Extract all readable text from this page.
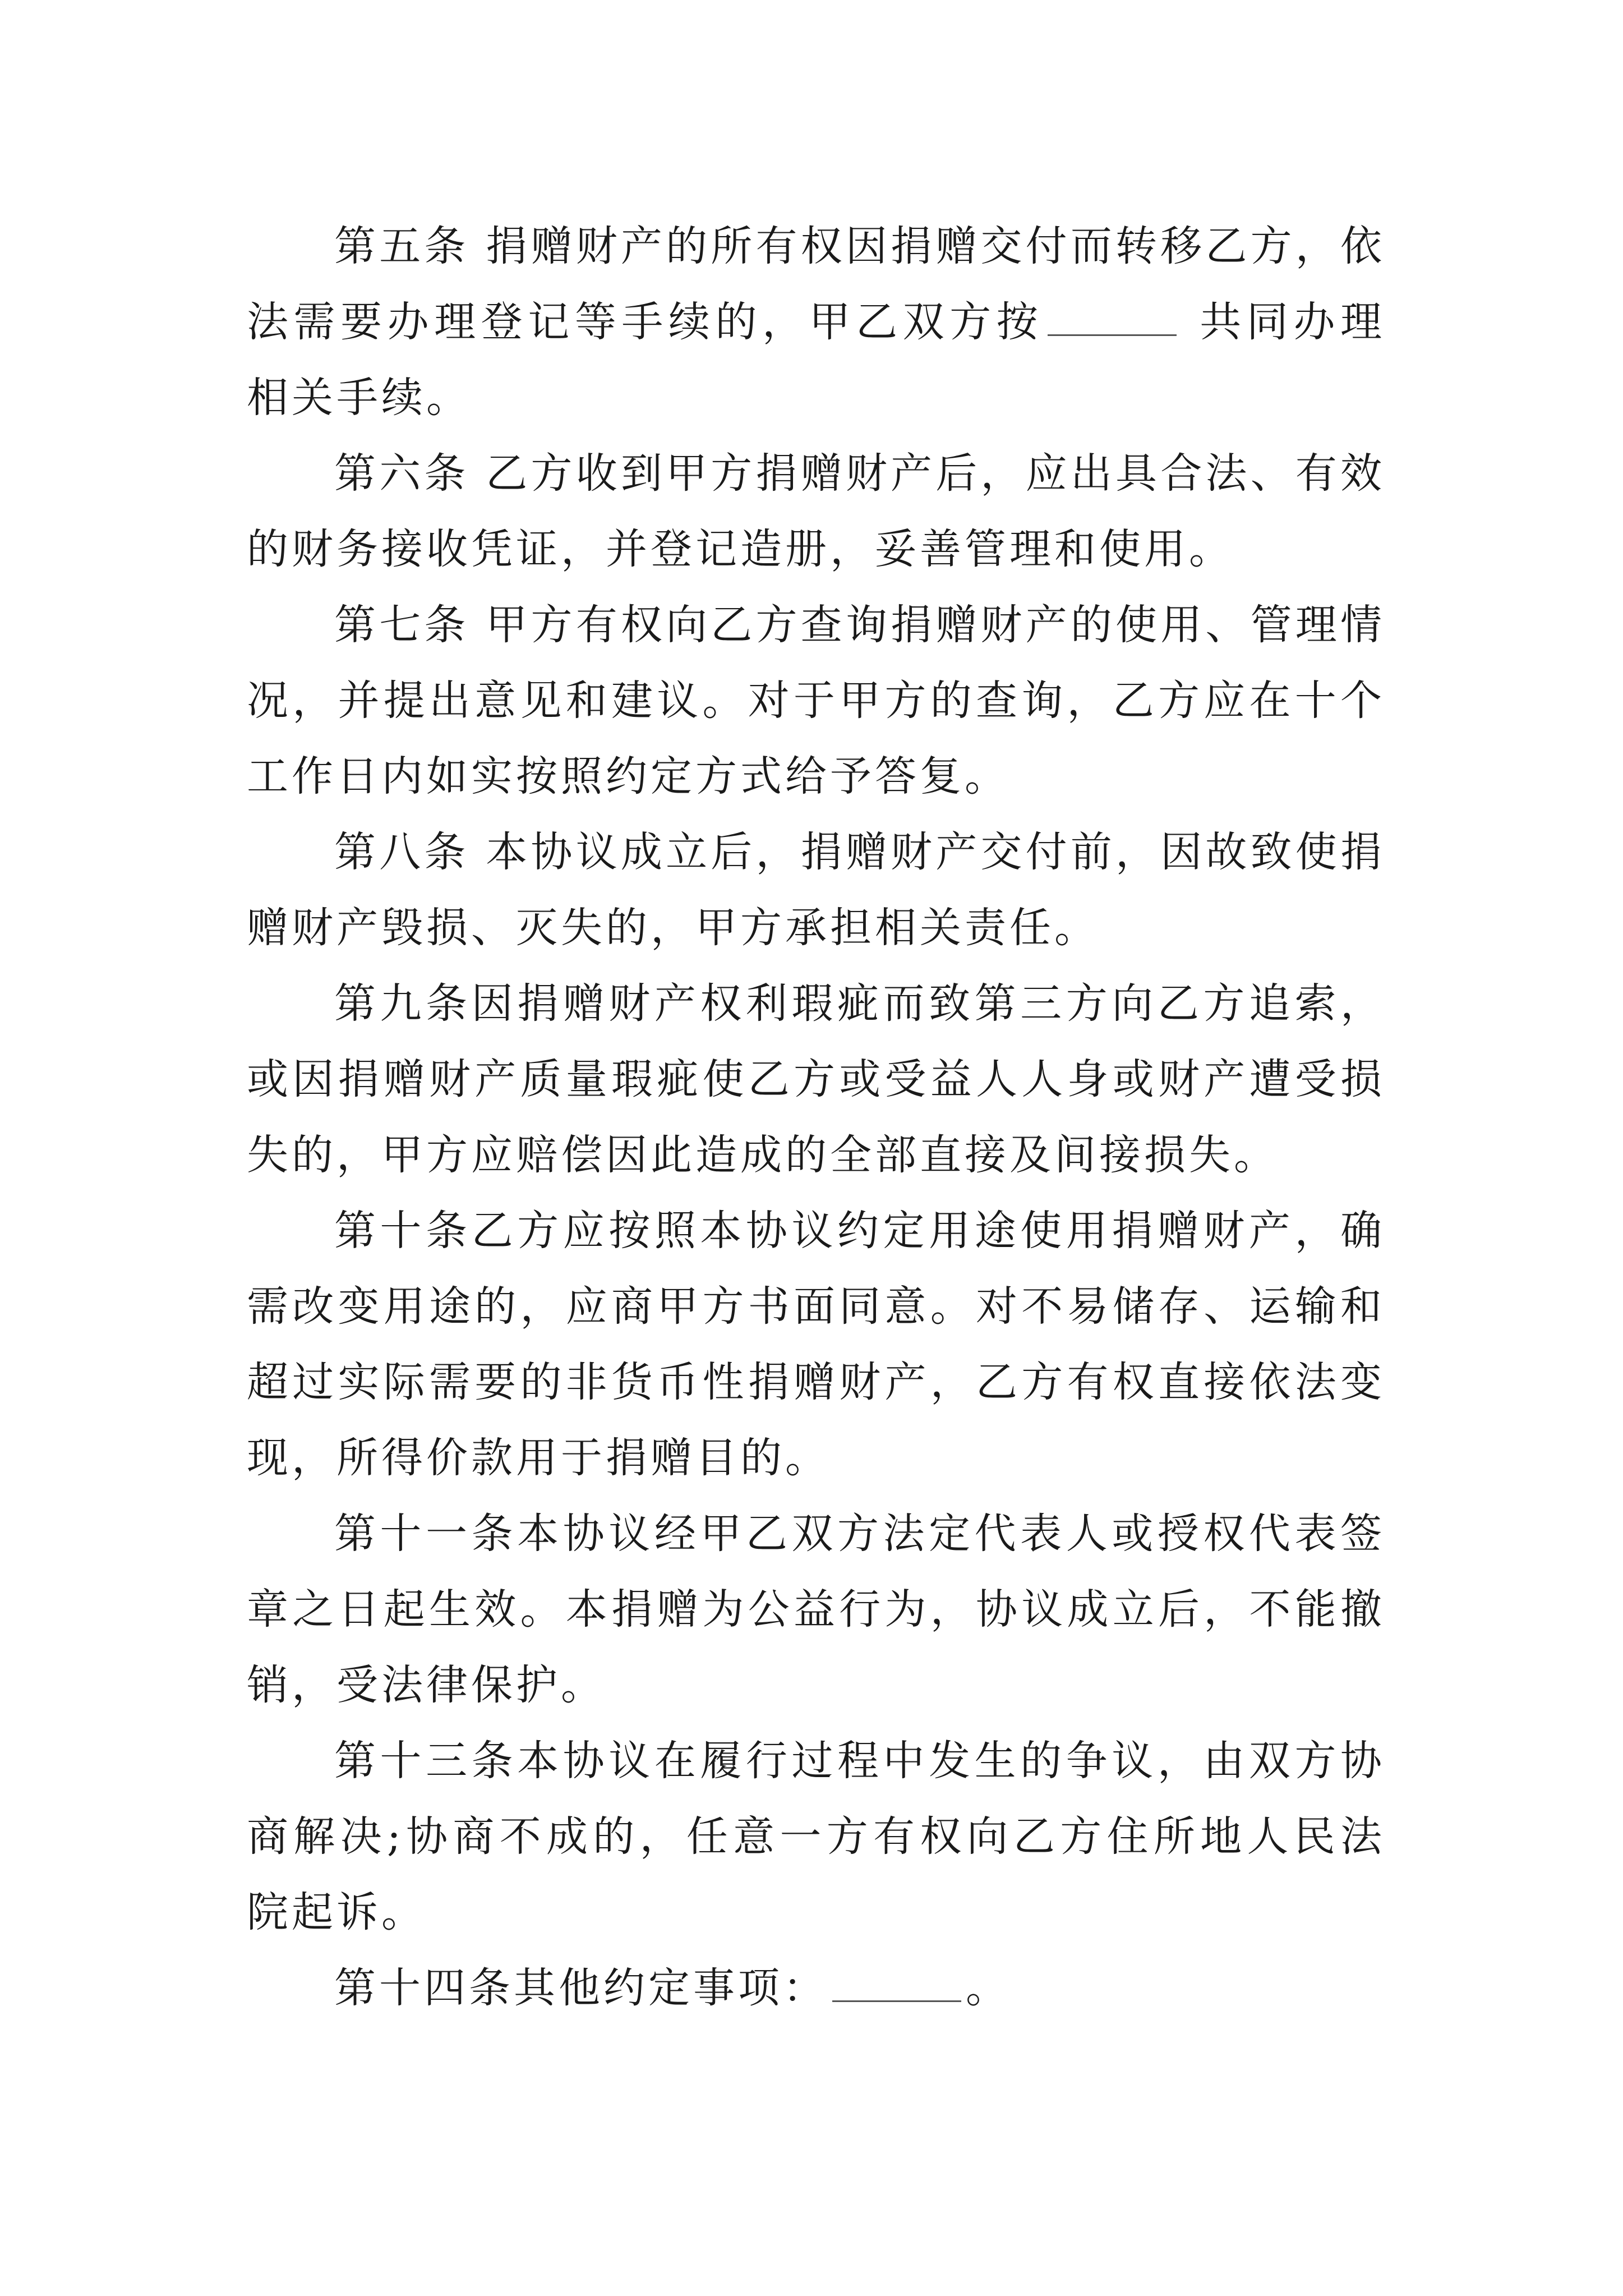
第五条 捐赠财产的所有权因捐赠交付而转移乙方，依法需要办理登记等手续的，甲乙双方按	共同办理相关手续。

第六条 乙方收到甲方捐赠财产后，应出具合法、有效的财务接收凭证，并登记造册，妥善管理和使用。

第七条 甲方有权向乙方查询捐赠财产的使用、管理情况，并提出意见和建议。对于甲方的查询，乙方应在十个工作日内如实按照约定方式给予答复。

第八条 本协议成立后，捐赠财产交付前，因故致使捐赠财产毁损、灭失的，甲方承担相关责任。

第九条因捐赠财产权利瑕疵而致第三方向乙方追索，或因捐赠财产质量瑕疵使乙方或受益人人身或财产遭受损失的，甲方应赔偿因此造成的全部直接及间接损失。

第十条乙方应按照本协议约定用途使用捐赠财产，确需改变用途的，应商甲方书面同意。对不易储存、运输和超过实际需要的非货币性捐赠财产，乙方有权直接依法变现，所得价款用于捐赠目的。

第十一条本协议经甲乙双方法定代表人或授权代表签章之日起生效。本捐赠为公益行为，协议成立后，不能撤销，受法律保护。

第十三条本协议在履行过程中发生的争议，由双方协商解决;协商不成的，任意一方有权向乙方住所地人民法院起诉。

第十四条其他约定事项：	。
